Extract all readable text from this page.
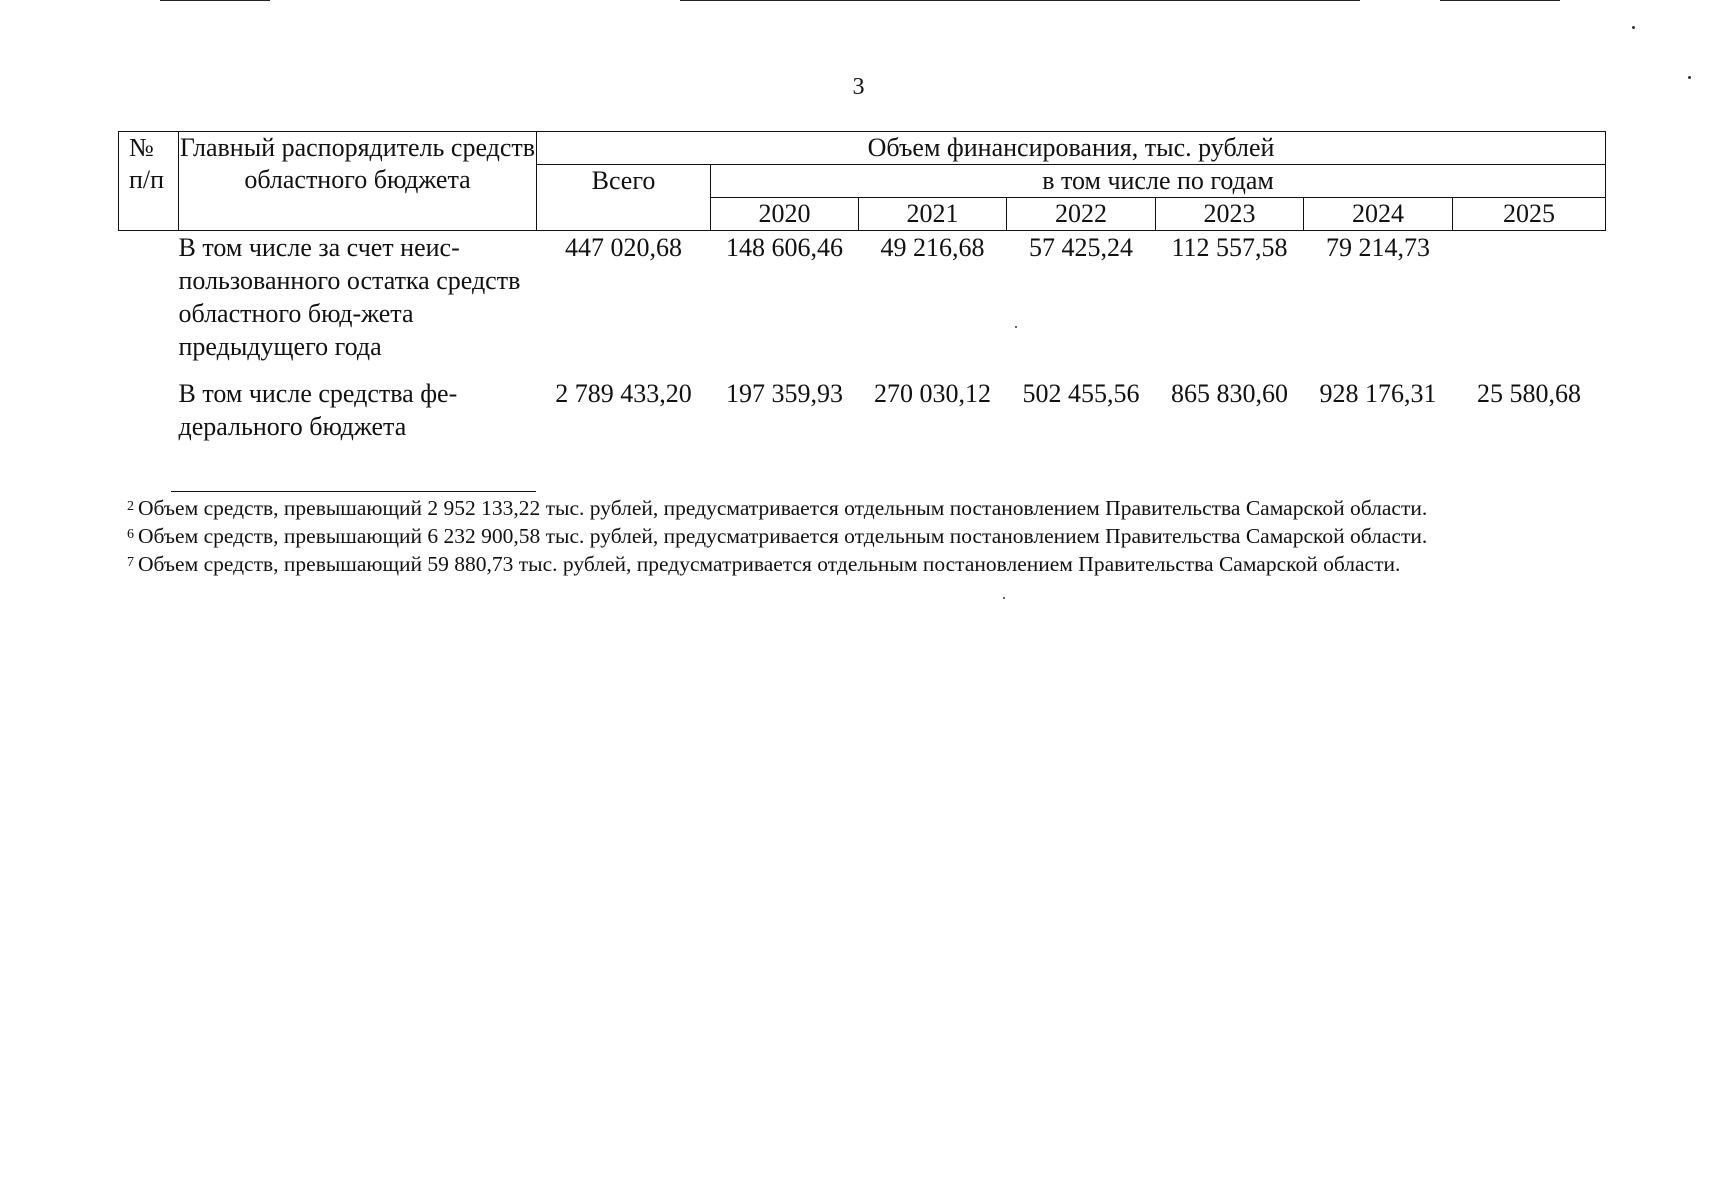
3
№ п/п	Главный распорядитель средств областного бюджета	Объем финансирования, тыс. рублей						
		Всего	в том числе по годам					
			2020	2021	2022	2023	2024	2025
	В том числе за счет неис-пользованного остатка средств областного бюд-жета предыдущего года	447 020,68	148 606,46	49 216,68	57 425,24	112 557,58	79 214,73	
	В том числе средства фе-дерального бюджета	2 789 433,20	197 359,93	270 030,12	502 455,56	865 830,60	928 176,31	25 580,68
$^2$ Объем средств, превышающий 2 952 133,22 тыс. рублей, предусматривается отдельным постановлением Правительства Самарской области.
$^6$ Объем средств, превышающий 6 232 900,58 тыс. рублей, предусматривается отдельным постановлением Правительства Самарской области.
$^7$ Объем средств, превышающий 59 880,73 тыс. рублей, предусматривается отдельным постановлением Правительства Самарской области.
